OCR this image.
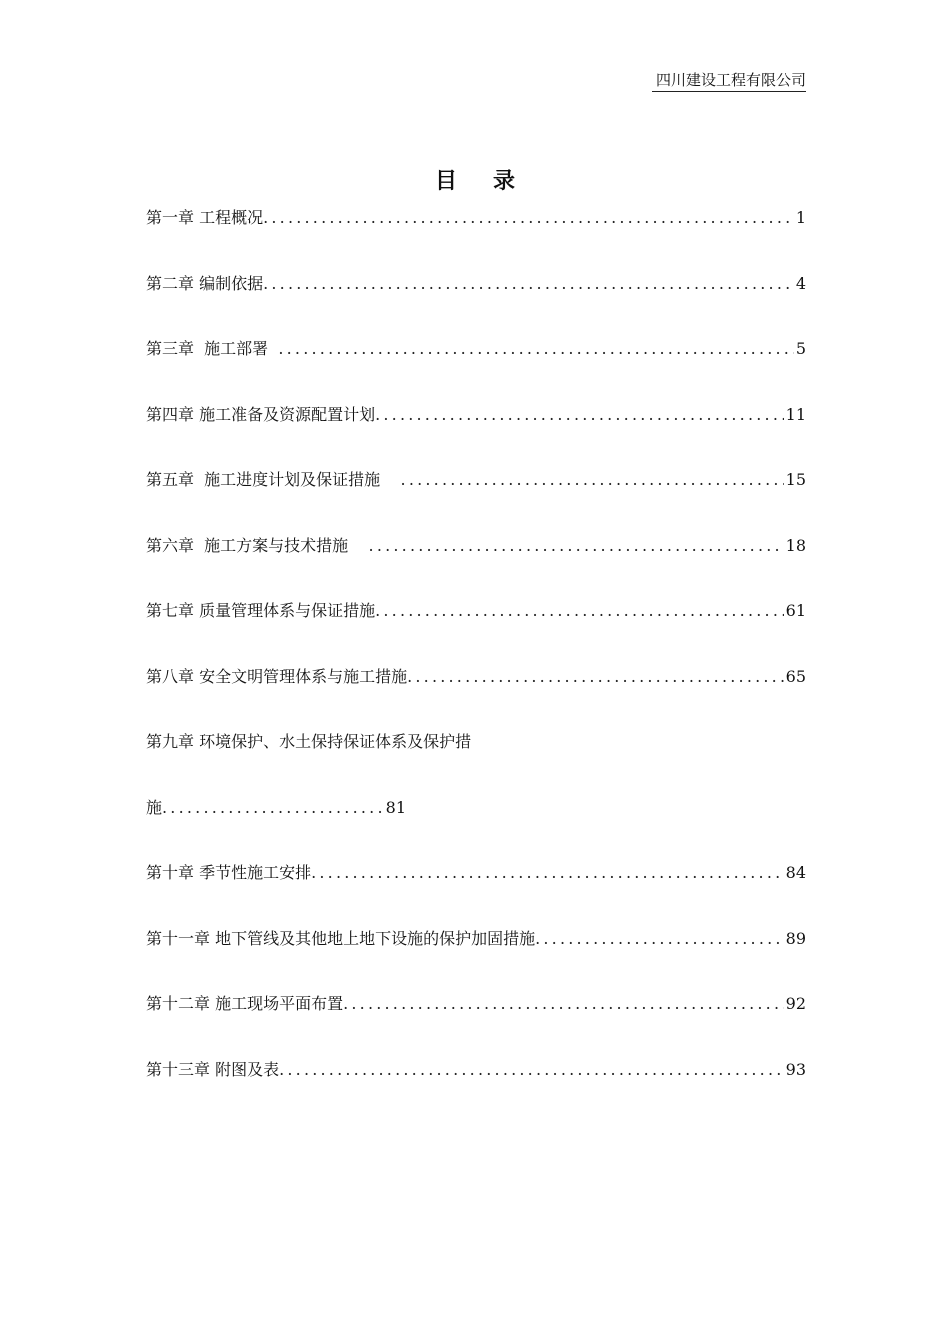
四川建设工程有限公司
目录
第一章 工程概况 .....	1
第二章 编制依据 .....	4
第三章  施工部署 .....	5
第四章 施工准备及资源配置计划 .....	11
第五章  施工进度计划及保证措施 .....	15
第六章  施工方案与技术措施 .....	18
第七章 质量管理体系与保证措施 .....	61
第八章 安全文明管理体系与施工措施 .....	65
第九章 环境保护、水土保持保证体系及保护措
施 .....	81
第十章 季节性施工安排 .....	84
第十一章 地下管线及其他地上地下设施的保护加固措施 .....	89
第十二章 施工现场平面布置 .....	92
第十三章 附图及表 .....	93
